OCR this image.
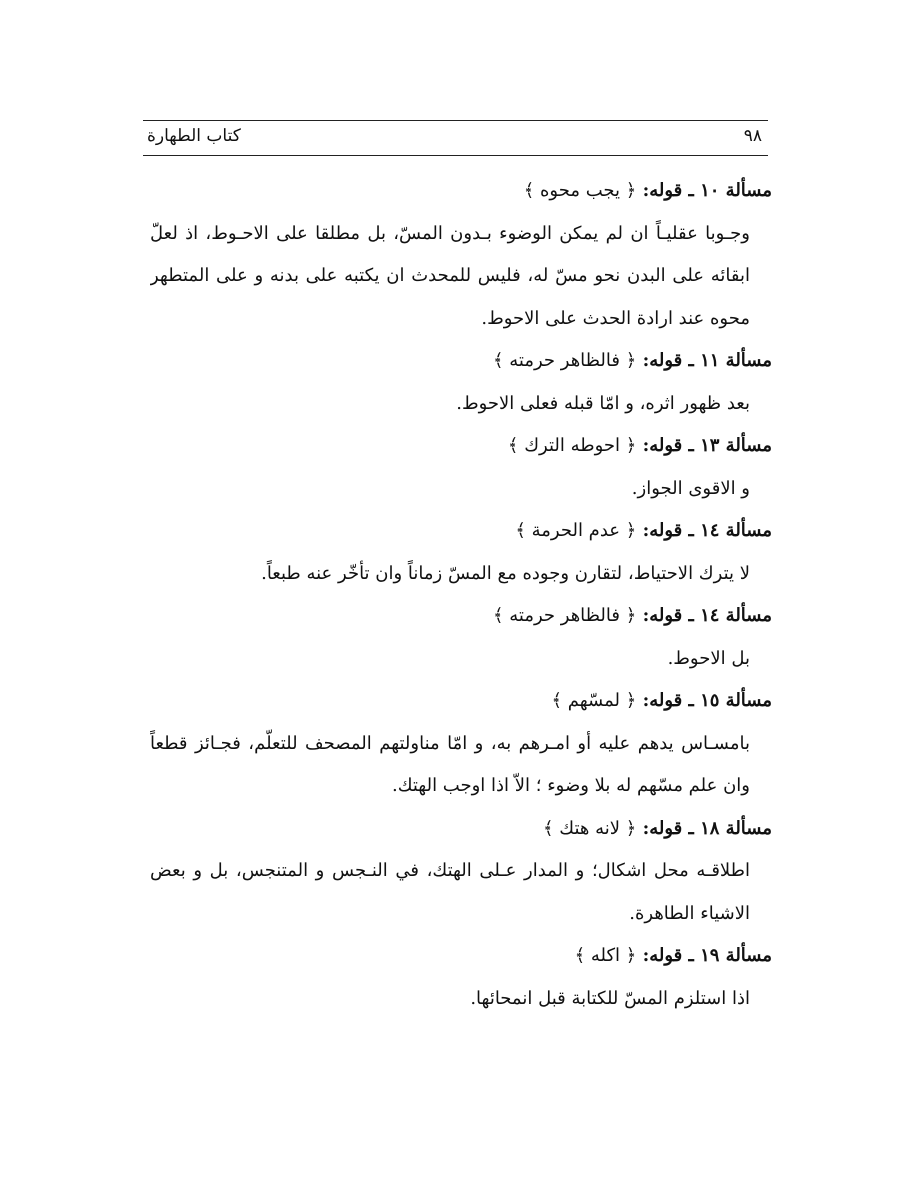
٩٨
كتاب الطهارة
مسألة ١٠ ـ قوله: ﴿ يجب محوه ﴾
وجـوبا عقليـاً ان لم يمكن الوضوء بـدون المسّ، بل مطلقا على الاحـوط، اذ لعلّ
ابقائه على البدن نحو مسّ له، فليس للمحدث ان يكتبه على بدنه و على المتطهر
محوه عند ارادة الحدث على الاحوط.
مسألة ١١ ـ قوله: ﴿ فالظاهر حرمته ﴾
بعد ظهور اثره، و امّا قبله فعلى الاحوط.
مسألة ١٣ ـ قوله: ﴿ احوطه الترك ﴾
و الاقوى الجواز.
مسألة ١٤ ـ قوله: ﴿ عدم الحرمة ﴾
لا يترك الاحتياط، لتقارن وجوده مع المسّ زماناً وان تأخّر عنه طبعاً.
مسألة ١٤ ـ قوله: ﴿ فالظاهر حرمته ﴾
بل الاحوط.
مسألة ١٥ ـ قوله: ﴿ لمسّهم ﴾
بامسـاس يدهم عليه أو امـرهم به، و امّا مناولتهم المصحف للتعلّم، فجـائز قطعاً
وان علم مسّهم له بلا وضوء ؛ الاّ اذا اوجب الهتك.
مسألة ١٨ ـ قوله: ﴿ لانه هتك ﴾
اطلاقـه محل اشكال؛ و المدار عـلى الهتك، في النـجس و المتنجس، بل و بعض
الاشياء الطاهرة.
مسألة ١٩ ـ قوله: ﴿ اكله ﴾
اذا استلزم المسّ للكتابة قبل انمحائها.
